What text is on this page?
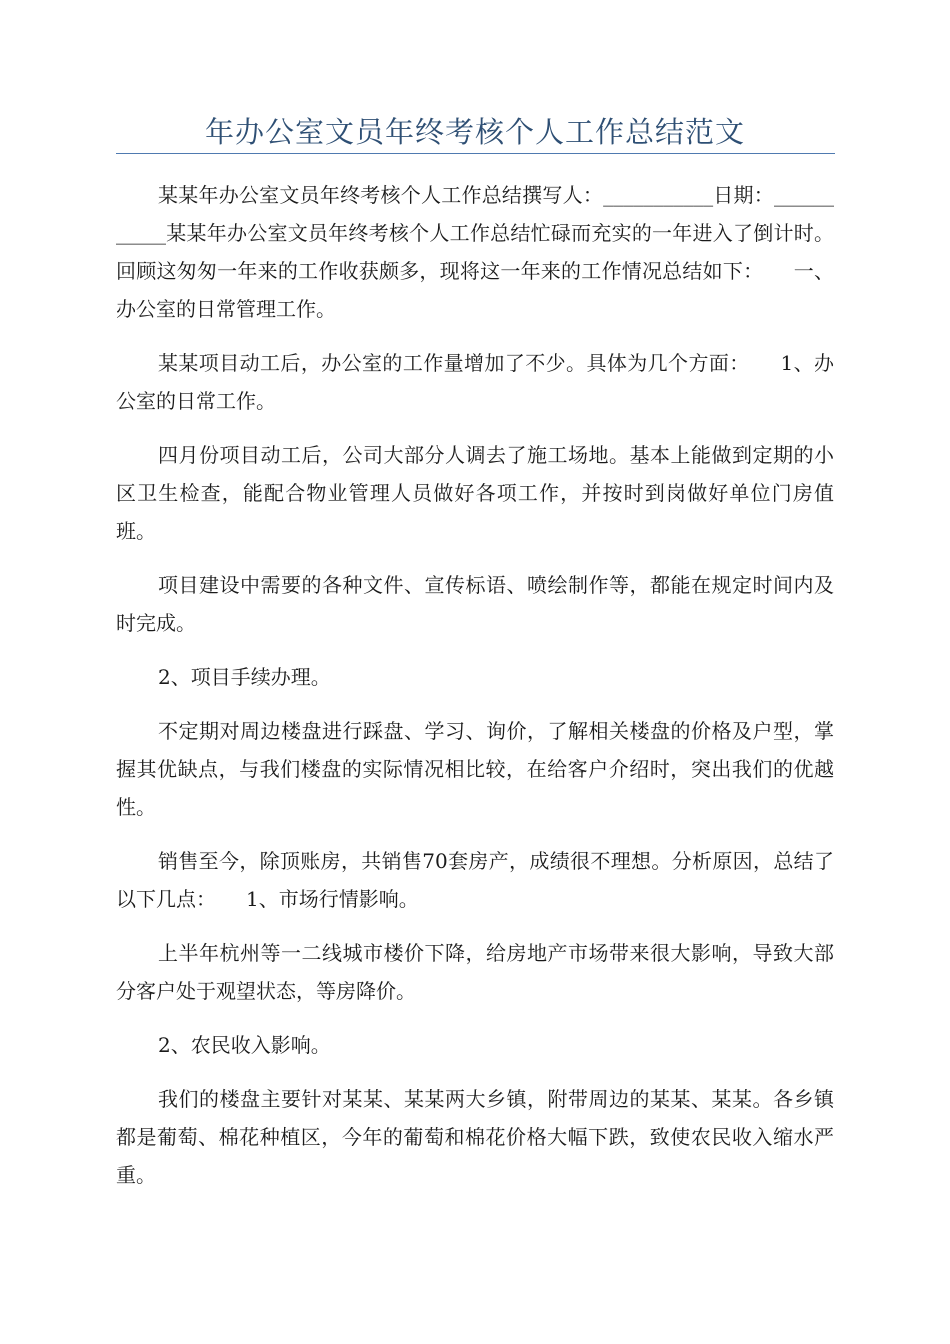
年办公室文员年终考核个人工作总结范文

某某年办公室文员年终考核个人工作总结撰写人：___________日期：___________某某年办公室文员年终考核个人工作总结忙碌而充实的一年进入了倒计时。回顾这匆匆一年来的工作收获颇多，现将这一年来的工作情况总结如下：　　一、办公室的日常管理工作。

某某项目动工后，办公室的工作量增加了不少。具体为几个方面：　　1、办公室的日常工作。

四月份项目动工后，公司大部分人调去了施工场地。基本上能做到定期的小区卫生检查，能配合物业管理人员做好各项工作，并按时到岗做好单位门房值班。

项目建设中需要的各种文件、宣传标语、喷绘制作等，都能在规定时间内及时完成。

2、项目手续办理。

不定期对周边楼盘进行踩盘、学习、询价，了解相关楼盘的价格及户型，掌握其优缺点，与我们楼盘的实际情况相比较，在给客户介绍时，突出我们的优越性。

销售至今，除顶账房，共销售70套房产，成绩很不理想。分析原因，总结了以下几点：　　1、市场行情影响。

上半年杭州等一二线城市楼价下降，给房地产市场带来很大影响，导致大部分客户处于观望状态，等房降价。

2、农民收入影响。

我们的楼盘主要针对某某、某某两大乡镇，附带周边的某某、某某。各乡镇都是葡萄、棉花种植区，今年的葡萄和棉花价格大幅下跌，致使农民收入缩水严重。
